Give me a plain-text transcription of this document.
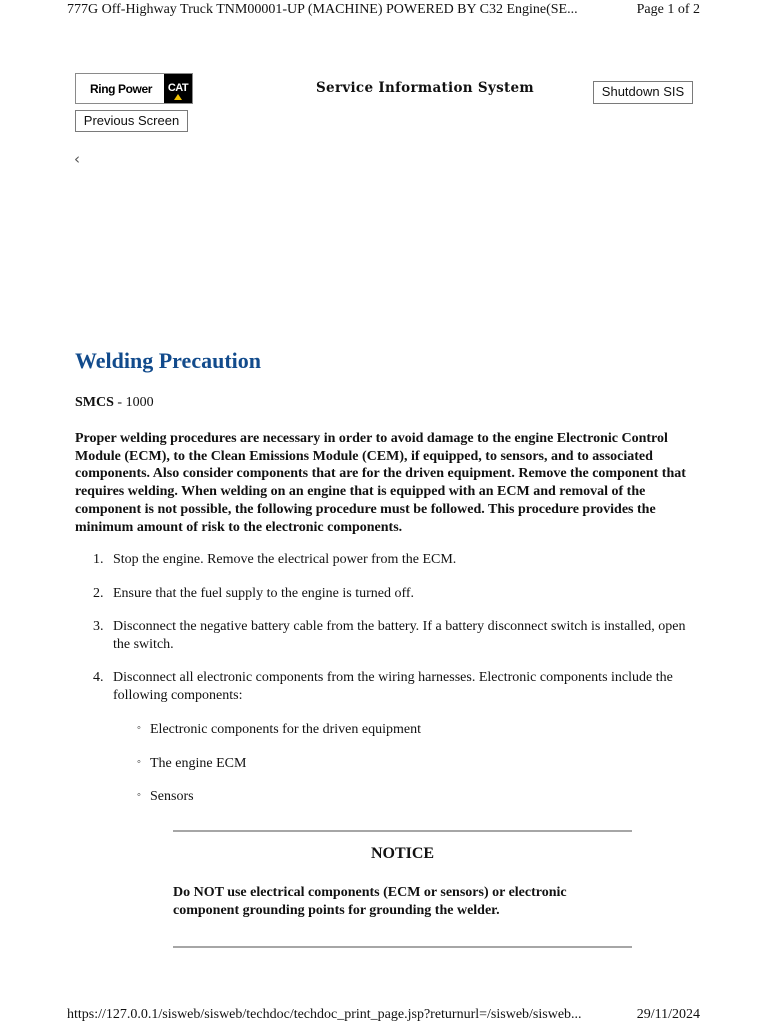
777G Off-Highway Truck TNM00001-UP (MACHINE) POWERED BY C32 Engine(SE...	Page 1 of 2
Ring Power	CAT	Service Information System	Shutdown SIS
Previous Screen
‹
Welding Precaution
SMCS - 1000
Proper welding procedures are necessary in order to avoid damage to the engine Electronic Control Module (ECM), to the Clean Emissions Module (CEM), if equipped, to sensors, and to associated components. Also consider components that are for the driven equipment. Remove the component that requires welding. When welding on an engine that is equipped with an ECM and removal of the component is not possible, the following procedure must be followed. This procedure provides the minimum amount of risk to the electronic components.
1. Stop the engine. Remove the electrical power from the ECM.
2. Ensure that the fuel supply to the engine is turned off.
3. Disconnect the negative battery cable from the battery. If a battery disconnect switch is installed, open the switch.
4. Disconnect all electronic components from the wiring harnesses. Electronic components include the following components:
◦ Electronic components for the driven equipment
◦ The engine ECM
◦ Sensors
NOTICE
Do NOT use electrical components (ECM or sensors) or electronic component grounding points for grounding the welder.
https://127.0.0.1/sisweb/sisweb/techdoc/techdoc_print_page.jsp?returnurl=/sisweb/sisweb...	29/11/2024
